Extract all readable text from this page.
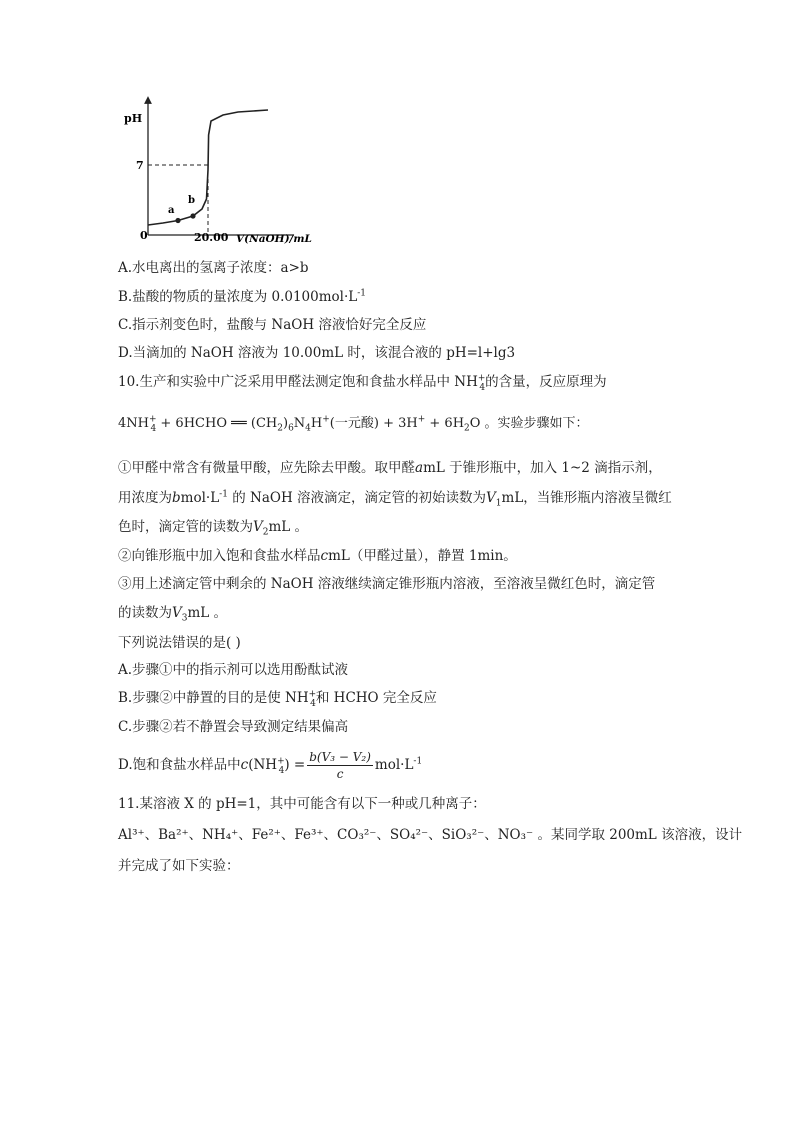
pH
7
0	20.00 V(NaOH)/mL
a
b
A.水电离出的氢离子浓度：a>b
B.盐酸的物质的量浓度为 $0.0100mol\cdot L^{-1}$
C.指示剂变色时，盐酸与 NaOH 溶液恰好完全反应
D.当滴加的 NaOH 溶液为 10.00mL 时，该混合液的 pH=l+lg3
10.生产和实验中广泛采用甲醛法测定饱和食盐水样品中 $NH^+_4$的含量，反应原理为
$4NH^+_4$ + 6HCHO ══ $(CH_2)_6N_4H^+$(一元酸) + $3H^+ + 6H_2O$ 。实验步骤如下：
①甲醛中常含有微量甲酸，应先除去甲酸。取甲醛amL 于锥形瓶中，加入 1~2 滴指示剂，
用浓度为$bmol\cdot L^{-1}$ 的 NaOH 溶液滴定，滴定管的初始读数为$V_1mL$，当锥形瓶内溶液呈微红
色时，滴定管的读数为$V_2mL$ 。
②向锥形瓶中加入饱和食盐水样品cmL（甲醛过量），静置 1min。
③用上述滴定管中剩余的 NaOH 溶液继续滴定锥形瓶内溶液，至溶液呈微红色时，滴定管
的读数为$V_3mL$ 。
下列说法错误的是( )
A.步骤①中的指示剂可以选用酚酞试液
B.步骤②中静置的目的是使 $NH^+_4$和 HCHO 完全反应
C.步骤②若不静置会导致测定结果偏高
D.饱和食盐水样品中$c(NH^+_4) = \frac{\text{b(V₃ − V₂)}}{c} mol\cdot L^{-1}$
11.某溶液 X 的 pH=1，其中可能含有以下一种或几种离子：
Al³⁺、Ba²⁺、NH₄⁺、Fe²⁺、Fe³⁺、CO₃²⁻、SO₄²⁻、SiO₃²⁻、NO₃⁻ 。某同学取 200mL 该溶液，设计
并完成了如下实验：
